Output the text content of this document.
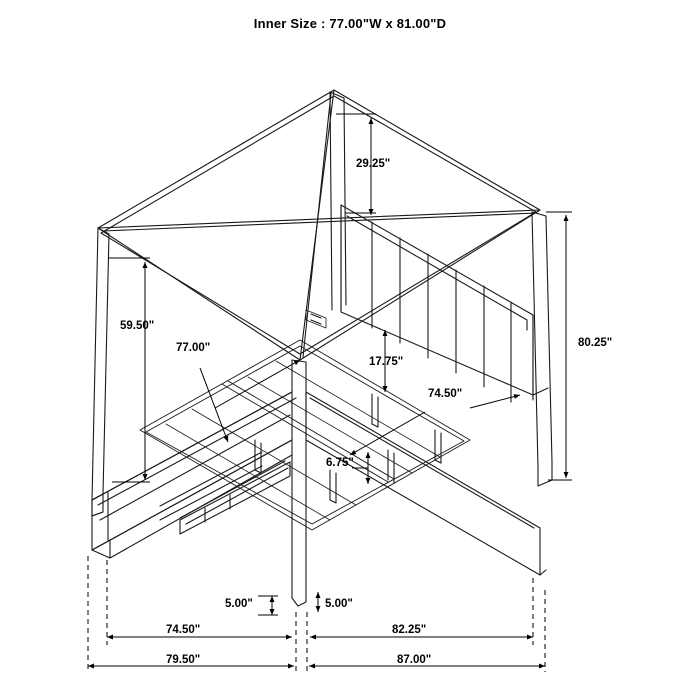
Inner Size : 77.00"W x 81.00"D
29.25"
59.50"
77.00"
17.75"
74.50"
80.25"
6.75"
5.00"	5.00"
74.50"	82.25"
79.50"	87.00"
